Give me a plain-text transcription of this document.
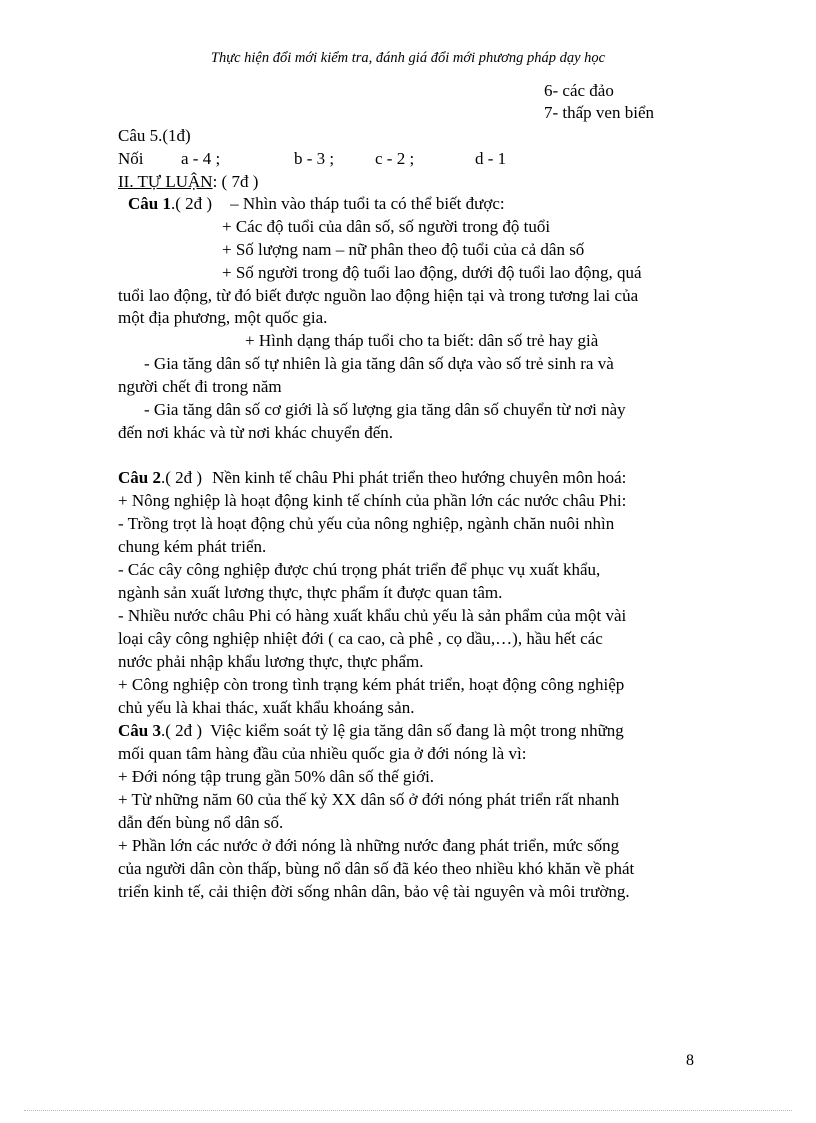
Thực hiện đổi mới kiểm tra, đánh giá đổi mới phương pháp dạy học
6- các đảo
7- thấp ven biển
Câu 5.(1đ)
Nối a - 4 ;	b - 3 ; c - 2 ;	d - 1
II. TỰ LUẬN: ( 7đ )
Câu 1.( 2đ ) – Nhìn vào tháp tuổi ta có thể biết được:
+ Các độ tuổi của dân số, số người trong độ tuổi
+ Số lượng nam – nữ phân theo độ tuổi của cả dân số
+ Số người trong độ tuổi lao động, dưới độ tuổi lao động, quá
tuổi lao động, từ đó biết được nguồn lao động hiện tại và trong tương lai của
một địa phương, một quốc gia.
+ Hình dạng tháp tuổi cho ta biết: dân số trẻ hay già
- Gia tăng dân số tự nhiên là gia tăng dân số dựa vào số trẻ sinh ra và
người chết đi trong năm
- Gia tăng dân số cơ giới là số lượng gia tăng dân số chuyển từ nơi này
đến nơi khác và từ nơi khác chuyển đến.
Câu 2.( 2đ ) Nền kinh tế châu Phi phát triển theo hướng chuyên môn hoá:
+ Nông nghiệp là hoạt động kinh tế chính của phần lớn các nước châu Phi:
- Trồng trọt là hoạt động chủ yếu của nông nghiệp, ngành chăn nuôi nhìn
chung kém phát triển.
- Các cây công nghiệp được chú trọng phát triển để phục vụ xuất khẩu,
ngành sản xuất lương thực, thực phẩm ít được quan tâm.
- Nhiều nước châu Phi có hàng xuất khẩu chủ yếu là sản phẩm của một vài
loại cây công nghiệp nhiệt đới ( ca cao, cà phê , cọ dầu,…), hầu hết các
nước phải nhập khẩu lương thực, thực phẩm.
+ Công nghiệp còn trong tình trạng kém phát triển, hoạt động công nghiệp
chủ yếu là khai thác, xuất khẩu khoáng sản.
Câu 3.( 2đ ) Việc kiểm soát tỷ lệ gia tăng dân số đang là một trong những
mối quan tâm hàng đầu của nhiều quốc gia ở đới nóng là vì:
+ Đới nóng tập trung gần 50% dân số thế giới.
+ Từ những năm 60 của thế kỷ XX dân số ở đới nóng phát triển rất nhanh
dẫn đến bùng nổ dân số.
+ Phần lớn các nước ở đới nóng là những nước đang phát triển, mức sống
của người dân còn thấp, bùng nổ dân số đã kéo theo nhiều khó khăn về phát
triển kinh tế, cải thiện đời sống nhân dân, bảo vệ tài nguyên và môi trường.
8
